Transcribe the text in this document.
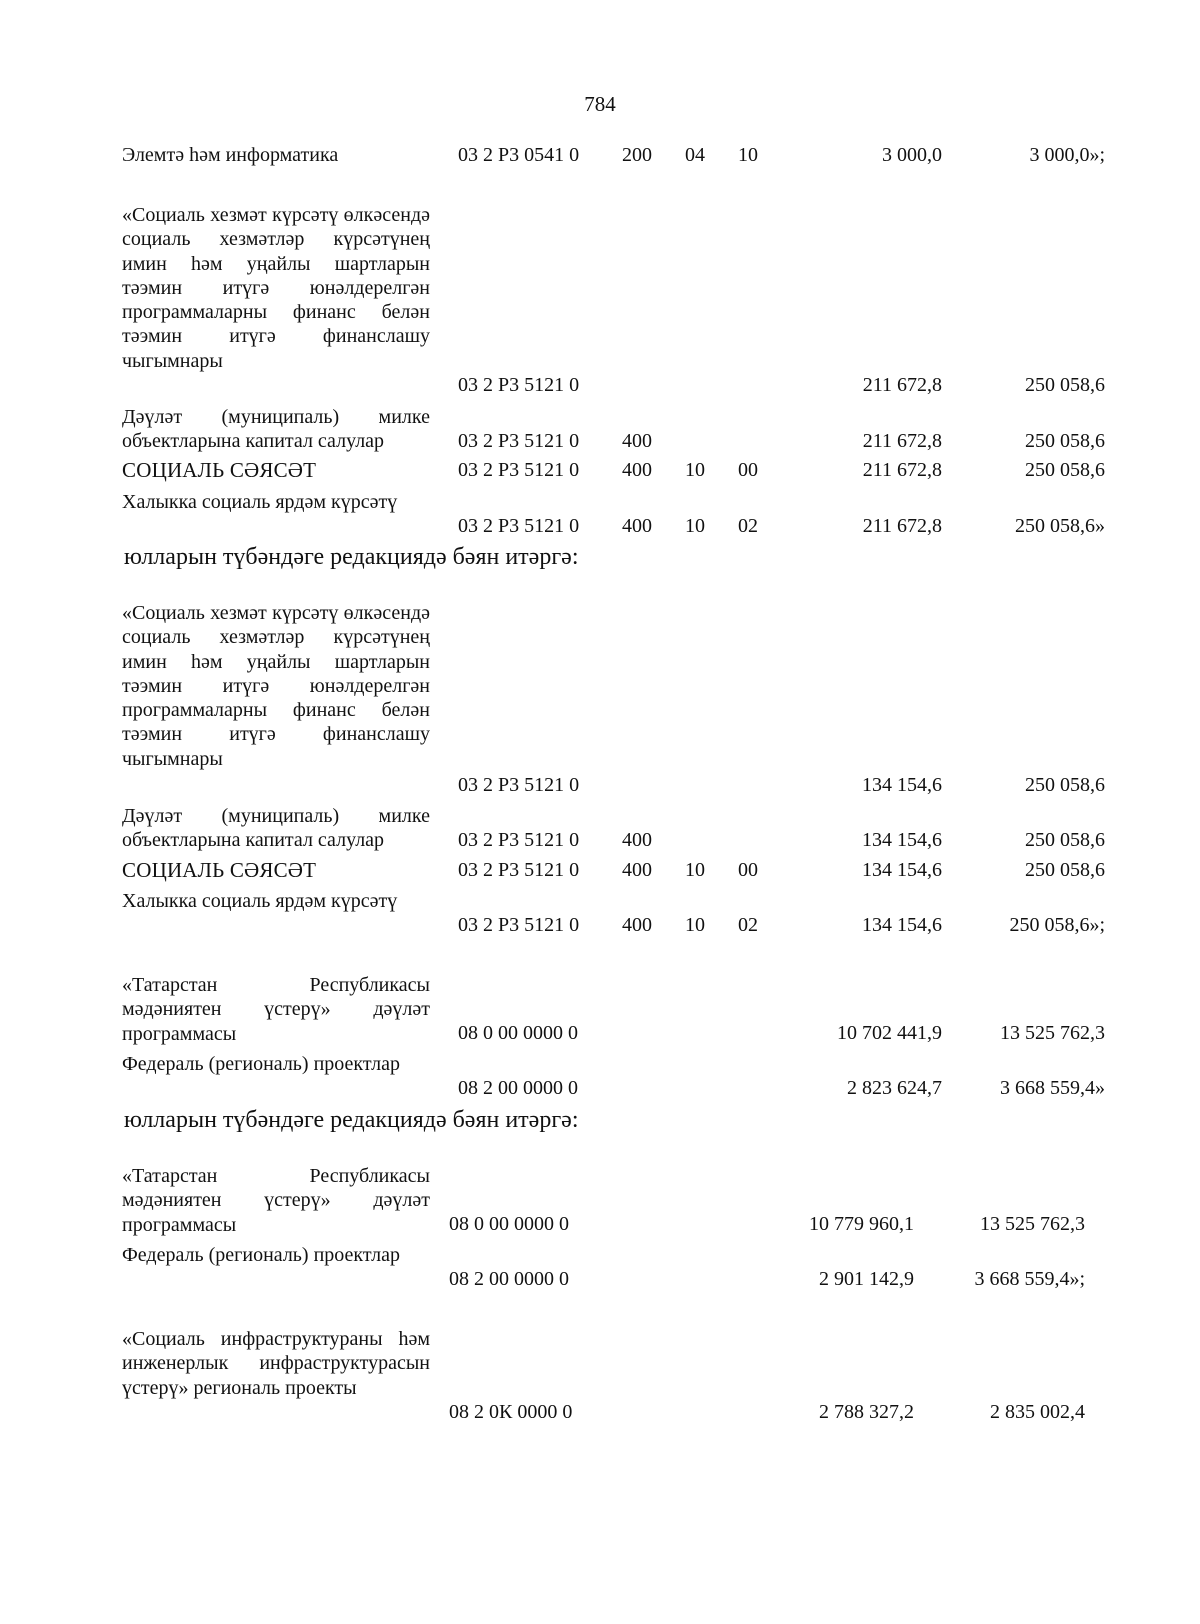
784
Элемтә һәм информатика	03 2 Р3 0541 0 200	04	10	3 000,0	3 000,0»;
«Социаль хезмәт күрсәтү өлкәсендә социаль хезмәтләр күрсәтүнең имин һәм уңайлы шартларын тәэмин итүгә юнәлдерелгән программаларны финанс белән тәэмин итүгә финанслашу чыгымнары
03 2 Р3 5121 0	211 672,8	250 058,6
Дәүләт (муниципаль) милке объектларына капитал салулар	03 2 Р3 5121 0 400	211 672,8	250 058,6
СОЦИАЛЬ СӘЯСӘТ	03 2 Р3 5121 0 400	10	00	211 672,8	250 058,6
Халыкка социаль ярдәм күрсәтү
03 2 Р3 5121 0 400	10	02	211 672,8	250 058,6»
юлларын түбәндәге редакциядә бәян итәргә:
«Социаль хезмәт күрсәтү өлкәсендә социаль хезмәтләр күрсәтүнең имин һәм уңайлы шартларын тәэмин итүгә юнәлдерелгән программаларны финанс белән тәэмин итүгә финанслашу чыгымнары
03 2 Р3 5121 0	134 154,6	250 058,6
Дәүләт (муниципаль) милке объектларына капитал салулар	03 2 Р3 5121 0 400	134 154,6	250 058,6
СОЦИАЛЬ СӘЯСӘТ	03 2 Р3 5121 0 400	10	00	134 154,6	250 058,6
Халыкка социаль ярдәм күрсәтү
03 2 Р3 5121 0 400	10	02	134 154,6	250 058,6»;
«Татарстан Республикасы мәдәниятен үстерү» дәүләт программасы	08 0 00 0000 0	10 702 441,9	13 525 762,3
Федераль (региональ) проектлар
08 2 00 0000 0	2 823 624,7	3 668 559,4»
юлларын түбәндәге редакциядә бәян итәргә:
«Татарстан Республикасы мәдәниятен үстерү» дәүләт программасы	08 0 00 0000 0	10 779 960,1	13 525 762,3
Федераль (региональ) проектлар
08 2 00 0000 0	2 901 142,9	3 668 559,4»;
«Социаль инфраструктураны һәм инженерлык инфраструктурасын үстерү» региональ проекты
08 2 0К 0000 0	2 788 327,2	2 835 002,4
